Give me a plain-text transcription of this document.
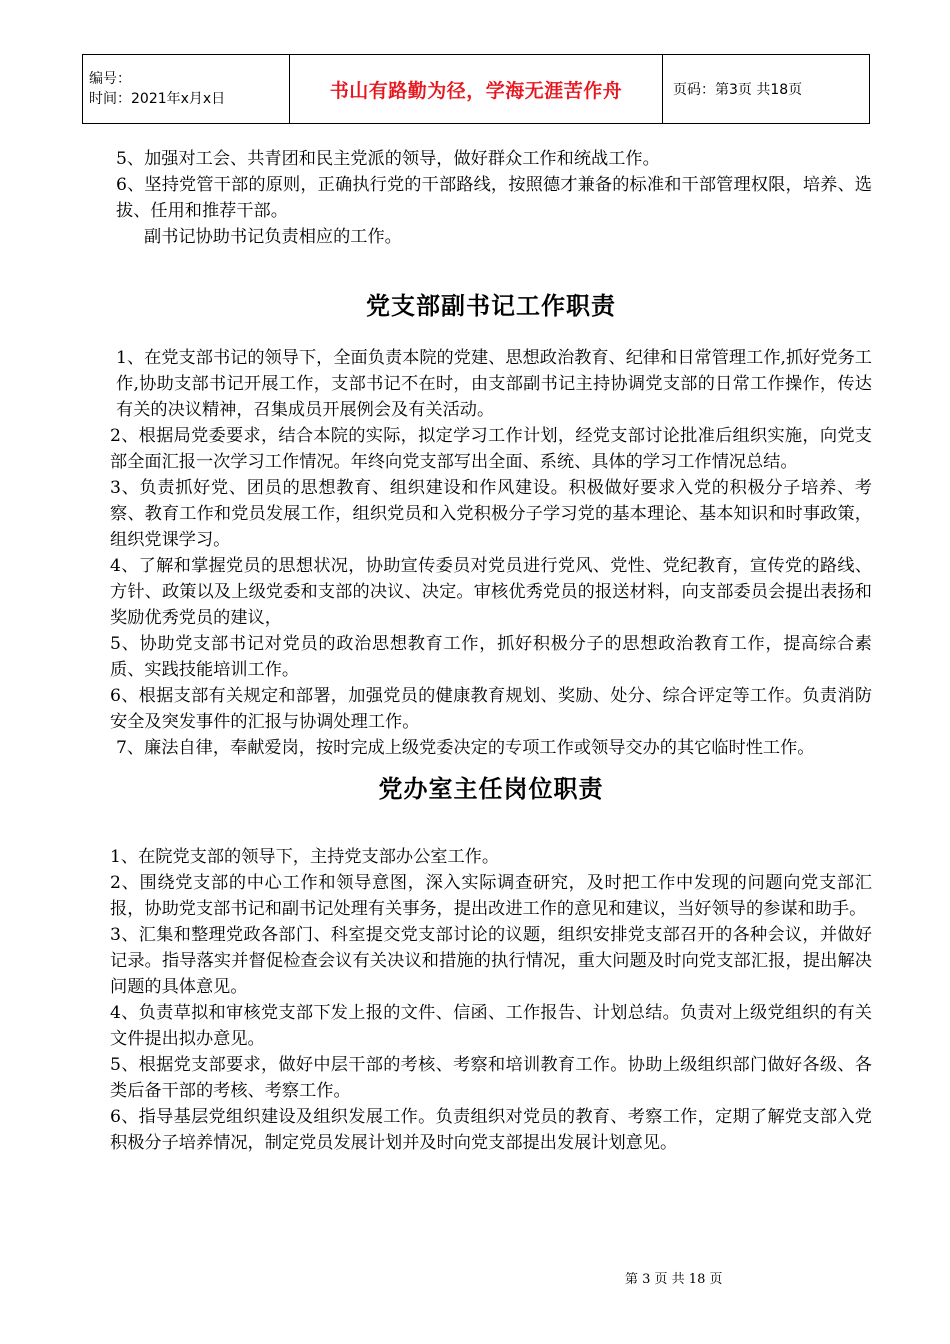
编号：
时间：2021年x月x日	书山有路勤为径，学海无涯苦作舟	页码：第3页 共18页

5、加强对工会、共青团和民主党派的领导，做好群众工作和统战工作。

6、坚持党管干部的原则，正确执行党的干部路线，按照德才兼备的标准和干部管理权限，培养、选拔、任用和推荐干部。

副书记协助书记负责相应的工作。

党支部副书记工作职责

1、在党支部书记的领导下，全面负责本院的党建、思想政治教育、纪律和日常管理工作,抓好党务工作,协助支部书记开展工作，支部书记不在时，由支部副书记主持协调党支部的日常工作操作，传达有关的决议精神，召集成员开展例会及有关活动。

2、根据局党委要求，结合本院的实际，拟定学习工作计划，经党支部讨论批准后组织实施，向党支部全面汇报一次学习工作情况。年终向党支部写出全面、系统、具体的学习工作情况总结。

3、负责抓好党、团员的思想教育、组织建设和作风建设。积极做好要求入党的积极分子培养、考察、教育工作和党员发展工作，组织党员和入党积极分子学习党的基本理论、基本知识和时事政策，组织党课学习。

4、了解和掌握党员的思想状况，协助宣传委员对党员进行党风、党性、党纪教育，宣传党的路线、方针、政策以及上级党委和支部的决议、决定。审核优秀党员的报送材料，向支部委员会提出表扬和奖励优秀党员的建议，

5、协助党支部书记对党员的政治思想教育工作，抓好积极分子的思想政治教育工作，提高综合素质、实践技能培训工作。

6、根据支部有关规定和部署，加强党员的健康教育规划、奖励、处分、综合评定等工作。负责消防安全及突发事件的汇报与协调处理工作。

7、廉法自律，奉献爱岗，按时完成上级党委决定的专项工作或领导交办的其它临时性工作。

党办室主任岗位职责

1、在院党支部的领导下，主持党支部办公室工作。

2、围绕党支部的中心工作和领导意图，深入实际调查研究，及时把工作中发现的问题向党支部汇报，协助党支部书记和副书记处理有关事务，提出改进工作的意见和建议，当好领导的参谋和助手。

3、汇集和整理党政各部门、科室提交党支部讨论的议题，组织安排党支部召开的各种会议，并做好记录。指导落实并督促检查会议有关决议和措施的执行情况，重大问题及时向党支部汇报，提出解决问题的具体意见。

4、负责草拟和审核党支部下发上报的文件、信函、工作报告、计划总结。负责对上级党组织的有关文件提出拟办意见。

5、根据党支部要求，做好中层干部的考核、考察和培训教育工作。协助上级组织部门做好各级、各类后备干部的考核、考察工作。

6、指导基层党组织建设及组织发展工作。负责组织对党员的教育、考察工作，定期了解党支部入党积极分子培养情况，制定党员发展计划并及时向党支部提出发展计划意见。

第 3 页 共 18 页
